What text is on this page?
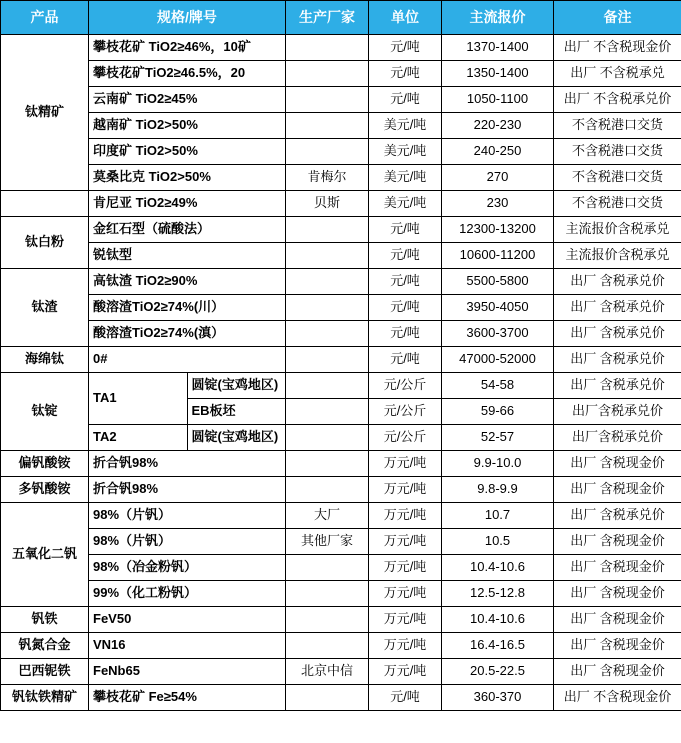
产品	规格/牌号		生产厂家	单位	主流报价	备注
钛精矿	攀枝花矿 TiO2≥46%，10矿			元/吨	1370-1400	出厂 不含税现金价
	攀枝花矿TiO2≥46.5%，20			元/吨	1350-1400	出厂 不含税承兑
	云南矿 TiO2≥45%			元/吨	1050-1100	出厂 不含税承兑价
	越南矿 TiO2>50%			美元/吨	220-230	不含税港口交货
	印度矿 TiO2>50%			美元/吨	240-250	不含税港口交货
	莫桑比克 TiO2>50%		肯梅尔	美元/吨	270	不含税港口交货
	肯尼亚 TiO2≥49%		贝斯	美元/吨	230	不含税港口交货
钛白粉	金红石型（硫酸法）			元/吨	12300-13200	主流报价含税承兑
	锐钛型			元/吨	10600-11200	主流报价含税承兑
钛渣	高钛渣 TiO2≥90%			元/吨	5500-5800	出厂 含税承兑价
	酸溶渣TiO2≥74%(川）			元/吨	3950-4050	出厂 含税承兑价
	酸溶渣TiO2≥74%(滇）			元/吨	3600-3700	出厂 含税承兑价
海绵钛	0#			元/吨	47000-52000	出厂 含税承兑价
钛锭	TA1	圆锭(宝鸡地区)		元/公斤	54-58	出厂 含税承兑价
		EB板坯		元/公斤	59-66	出厂含税承兑价
	TA2	圆锭(宝鸡地区)		元/公斤	52-57	出厂含税承兑价
偏钒酸铵	折合钒98%			万元/吨	9.9-10.0	出厂 含税现金价
多钒酸铵	折合钒98%			万元/吨	9.8-9.9	出厂 含税现金价
五氧化二钒	98%（片钒）		大厂	万元/吨	10.7	出厂 含税承兑价
	98%（片钒）		其他厂家	万元/吨	10.5	出厂 含税现金价
	98%（冶金粉钒）			万元/吨	10.4-10.6	出厂 含税现金价
	99%（化工粉钒）			万元/吨	12.5-12.8	出厂 含税现金价
钒铁	FeV50			万元/吨	10.4-10.6	出厂 含税现金价
钒氮合金	VN16			万元/吨	16.4-16.5	出厂 含税现金价
巴西铌铁	FeNb65		北京中信	万元/吨	20.5-22.5	出厂 含税现金价
钒钛铁精矿	攀枝花矿 Fe≥54%			元/吨	360-370	出厂 不含税现金价
